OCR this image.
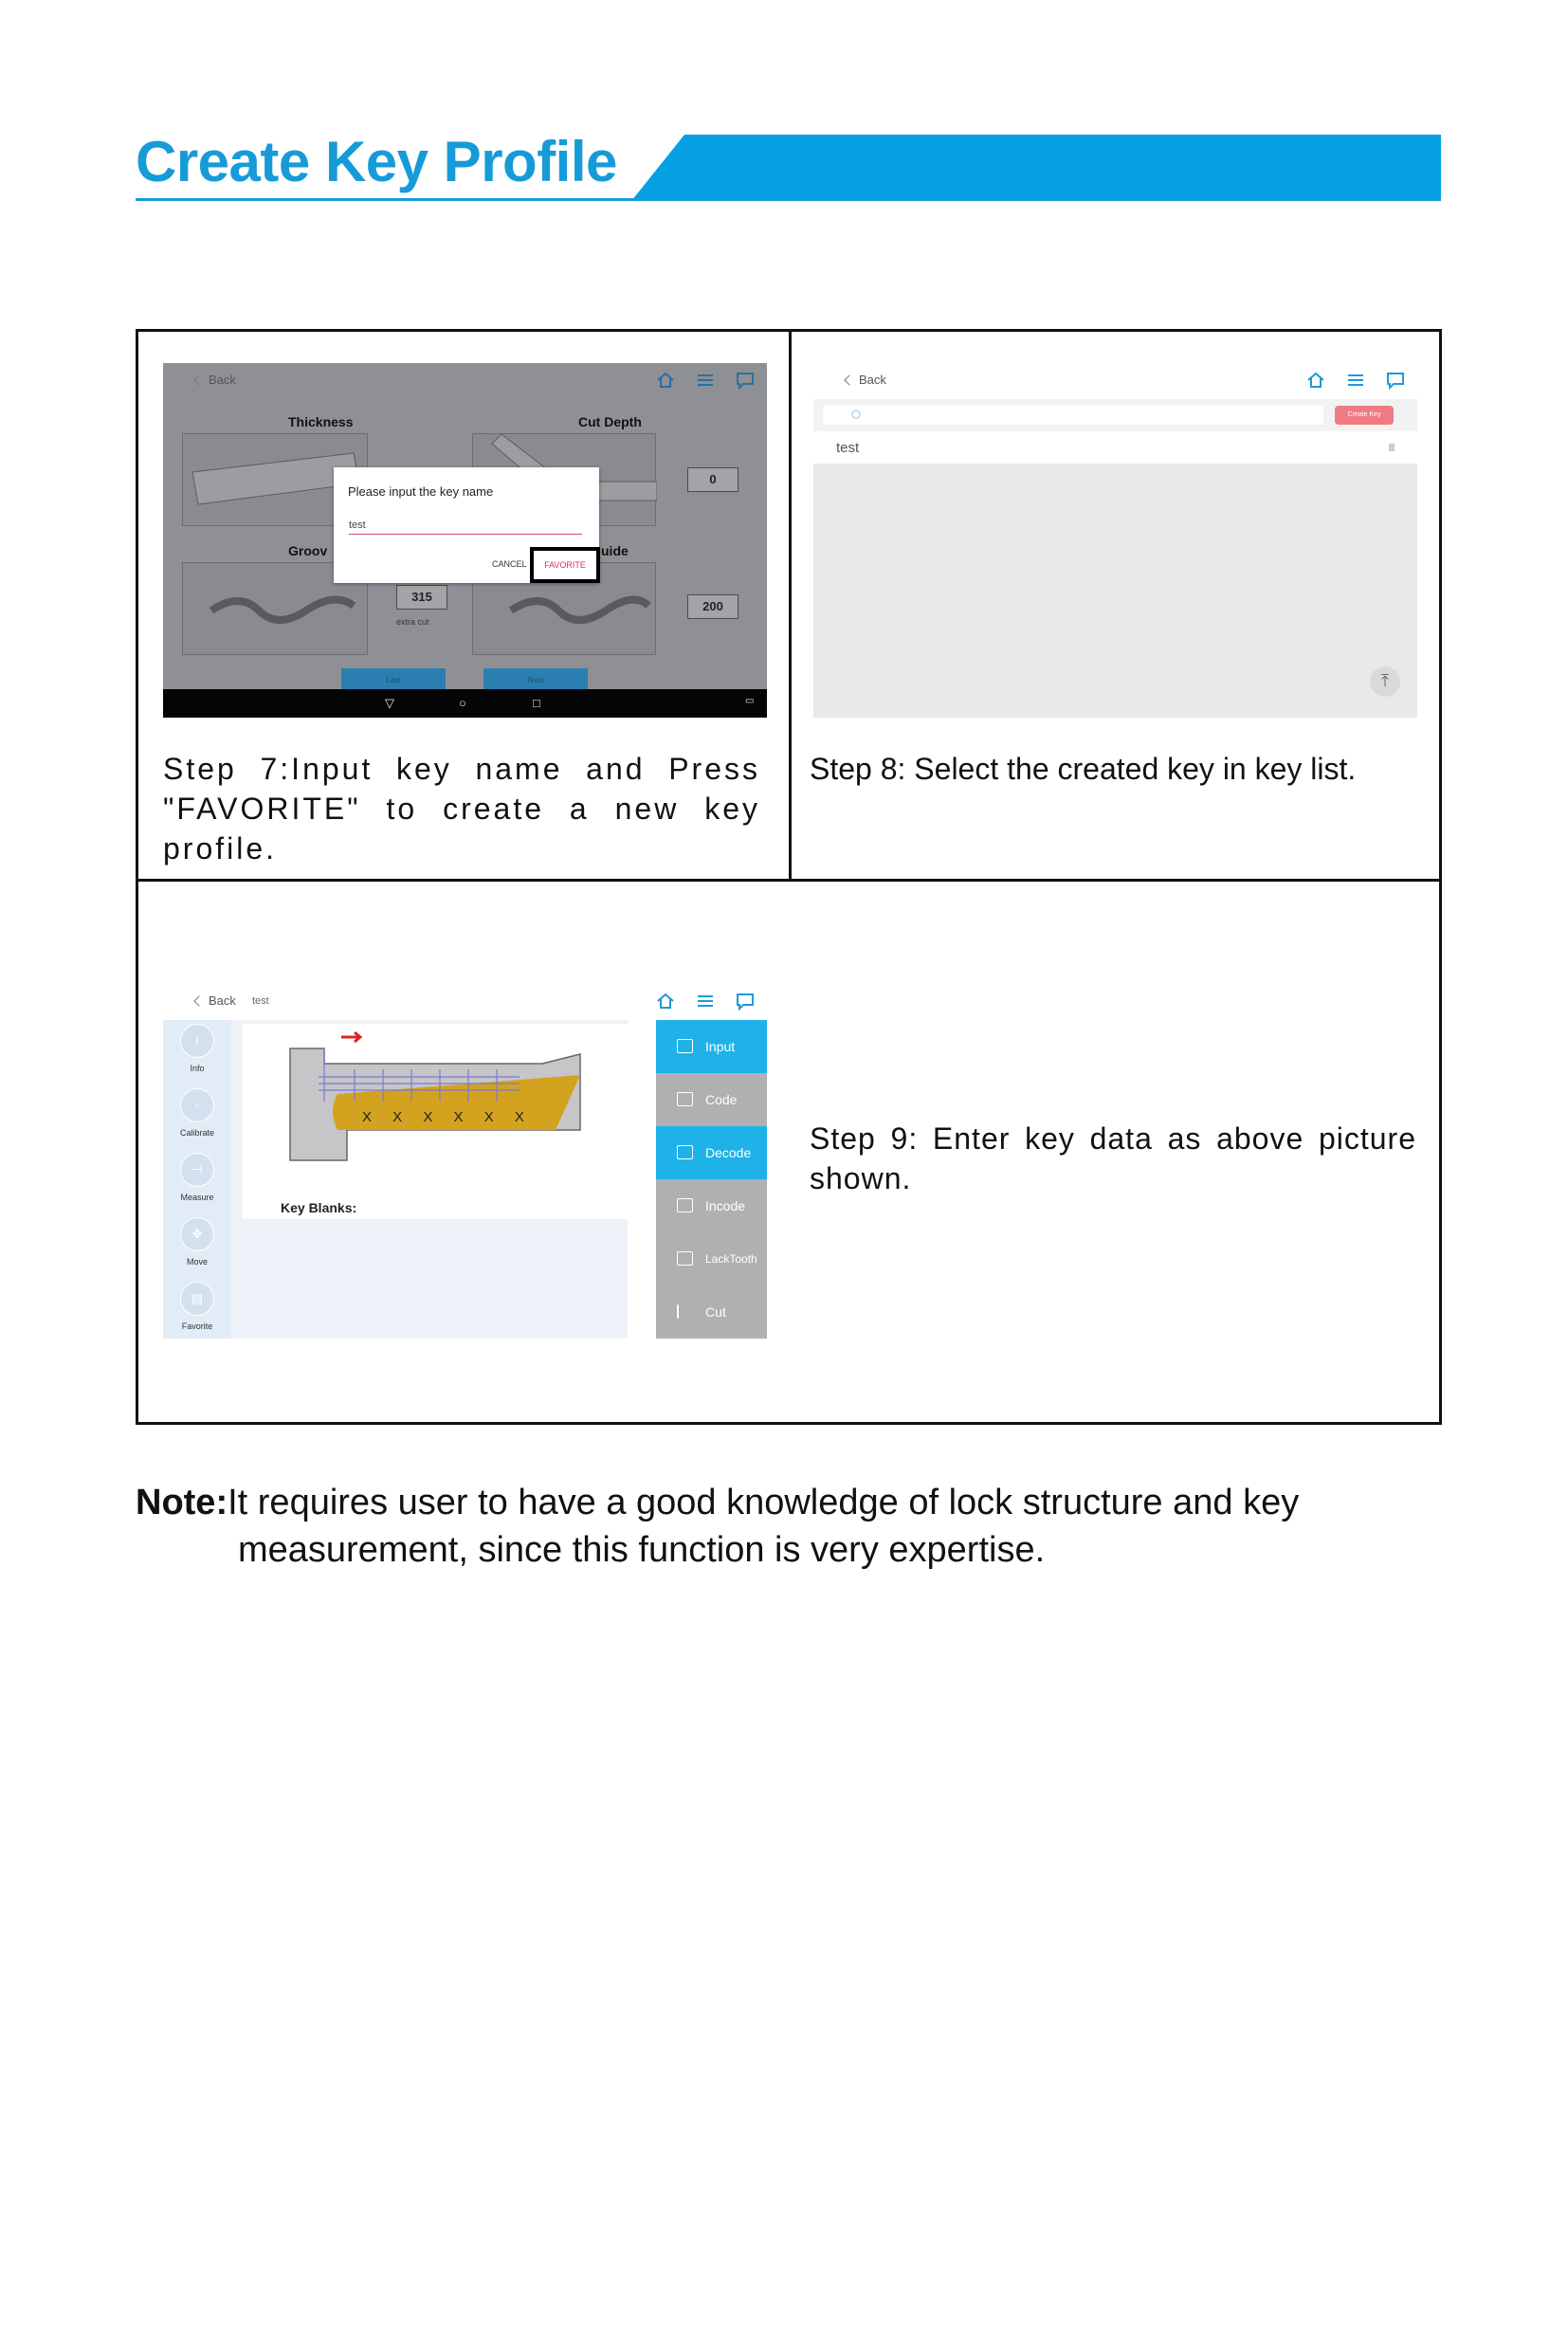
Create Key Profile
Back
Thickness	Cut Depth
0
Groov	uide
315
200
extra cut
Last	Next
Please input the key name
test
CANCEL	FAVORITE
▽	○	□	▭
Step 7:Input key name and Press "FAVORITE" to create a new key profile.
Back
Create Key
test
⤒
Step 8: Select the created key in key list.
Back test
i
Info
◦
Calibrate
⊣
Measure
✥
Move
▤
Favorite
X X X X X X
Key Blanks:
Input
Code
Decode
Incode
LackTooth
Cut
Step 9: Enter key data as above picture shown.
Note:It requires user to have a good knowledge of lock structure and key
measurement, since this function is very expertise.
